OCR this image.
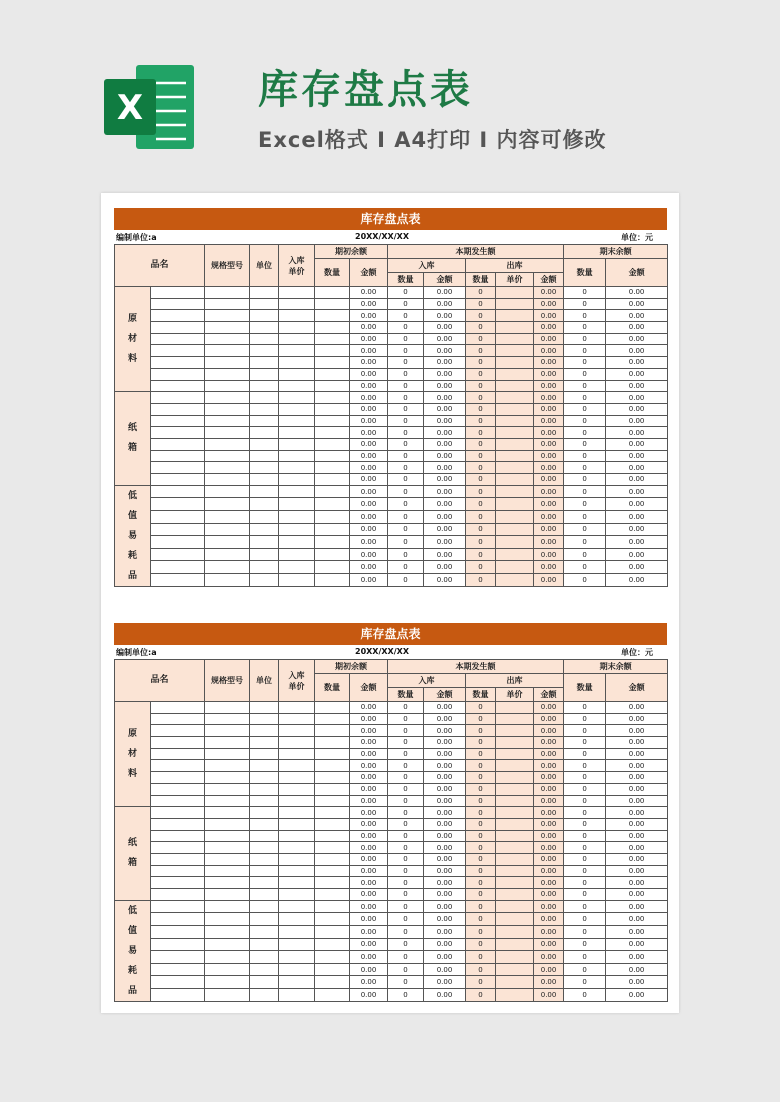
X	库存盘点表
Excel格式 I A4打印 I 内容可修改
库存盘点表
编制单位:a	20XX/XX/XX	单位：元
品名		规格型号	单位	入库单价	期初余额		本期发生额					期末余额	
					数量	金额	入库		出库			数量	金额
							数量	金额	数量	单价	金额		
原
材
料						0.00	0	0.00	0		0.00	0	0.00
						0.00	0	0.00	0		0.00	0	0.00
						0.00	0	0.00	0		0.00	0	0.00
						0.00	0	0.00	0		0.00	0	0.00
						0.00	0	0.00	0		0.00	0	0.00
						0.00	0	0.00	0		0.00	0	0.00
						0.00	0	0.00	0		0.00	0	0.00
						0.00	0	0.00	0		0.00	0	0.00
						0.00	0	0.00	0		0.00	0	0.00
纸
箱						0.00	0	0.00	0		0.00	0	0.00
						0.00	0	0.00	0		0.00	0	0.00
						0.00	0	0.00	0		0.00	0	0.00
						0.00	0	0.00	0		0.00	0	0.00
						0.00	0	0.00	0		0.00	0	0.00
						0.00	0	0.00	0		0.00	0	0.00
						0.00	0	0.00	0		0.00	0	0.00
						0.00	0	0.00	0		0.00	0	0.00
低
值
易
耗
品						0.00	0	0.00	0		0.00	0	0.00
						0.00	0	0.00	0		0.00	0	0.00
						0.00	0	0.00	0		0.00	0	0.00
						0.00	0	0.00	0		0.00	0	0.00
						0.00	0	0.00	0		0.00	0	0.00
						0.00	0	0.00	0		0.00	0	0.00
						0.00	0	0.00	0		0.00	0	0.00
						0.00	0	0.00	0		0.00	0	0.00
库存盘点表
编制单位:a	20XX/XX/XX	单位：元
品名		规格型号	单位	入库单价	期初余额		本期发生额					期末余额	
					数量	金额	入库		出库			数量	金额
							数量	金额	数量	单价	金额		
原
材
料						0.00	0	0.00	0		0.00	0	0.00
						0.00	0	0.00	0		0.00	0	0.00
						0.00	0	0.00	0		0.00	0	0.00
						0.00	0	0.00	0		0.00	0	0.00
						0.00	0	0.00	0		0.00	0	0.00
						0.00	0	0.00	0		0.00	0	0.00
						0.00	0	0.00	0		0.00	0	0.00
						0.00	0	0.00	0		0.00	0	0.00
						0.00	0	0.00	0		0.00	0	0.00
纸
箱						0.00	0	0.00	0		0.00	0	0.00
						0.00	0	0.00	0		0.00	0	0.00
						0.00	0	0.00	0		0.00	0	0.00
						0.00	0	0.00	0		0.00	0	0.00
						0.00	0	0.00	0		0.00	0	0.00
						0.00	0	0.00	0		0.00	0	0.00
						0.00	0	0.00	0		0.00	0	0.00
						0.00	0	0.00	0		0.00	0	0.00
低
值
易
耗
品						0.00	0	0.00	0		0.00	0	0.00
						0.00	0	0.00	0		0.00	0	0.00
						0.00	0	0.00	0		0.00	0	0.00
						0.00	0	0.00	0		0.00	0	0.00
						0.00	0	0.00	0		0.00	0	0.00
						0.00	0	0.00	0		0.00	0	0.00
						0.00	0	0.00	0		0.00	0	0.00
						0.00	0	0.00	0		0.00	0	0.00
